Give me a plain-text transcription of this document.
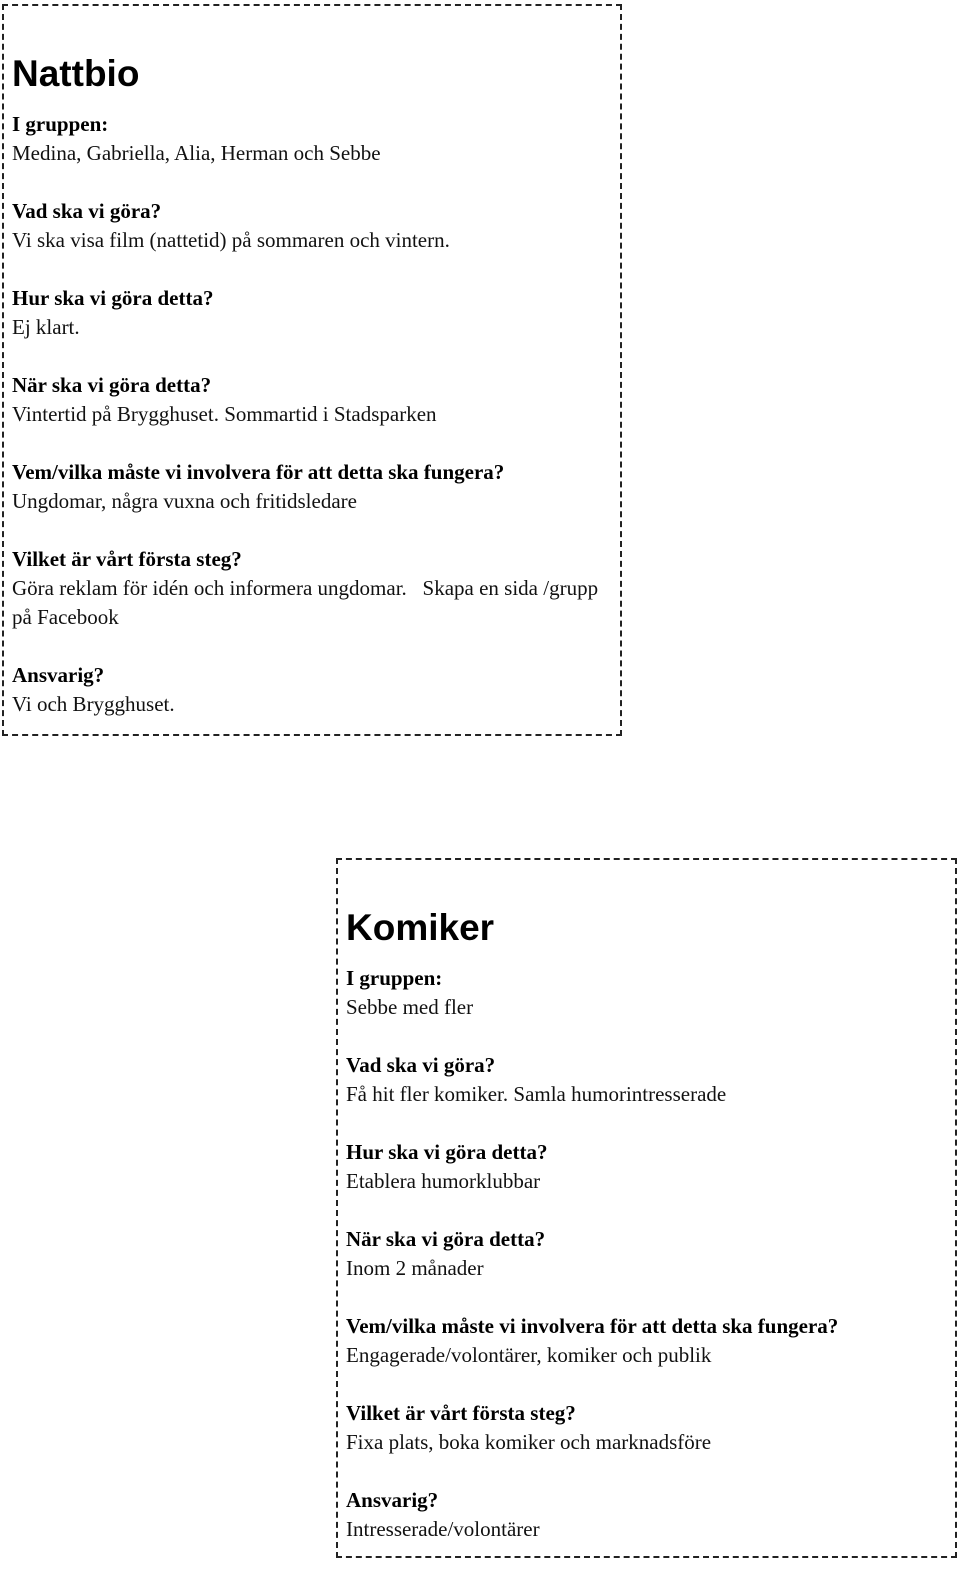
Nattbio
I gruppen:
Medina, Gabriella, Alia, Herman och Sebbe
Vad ska vi göra?
Vi ska visa film (nattetid) på sommaren och vintern.
Hur ska vi göra detta?
Ej klart.
När ska vi göra detta?
Vintertid på Brygghuset. Sommartid i Stadsparken
Vem/vilka måste vi involvera för att detta ska fungera?
Ungdomar, några vuxna och fritidsledare
Vilket är vårt första steg?
Göra reklam för idén och informera ungdomar.   Skapa en sida /grupp på Facebook
Ansvarig?
Vi och Brygghuset.
Komiker
I gruppen:
Sebbe med fler
Vad ska vi göra?
Få hit fler komiker. Samla humorintresserade
Hur ska vi göra detta?
Etablera humorklubbar
När ska vi göra detta?
Inom 2 månader
Vem/vilka måste vi involvera för att detta ska fungera?
Engagerade/volontärer, komiker och publik
Vilket är vårt första steg?
Fixa plats, boka komiker och marknadsföre
Ansvarig?
Intresserade/volontärer
